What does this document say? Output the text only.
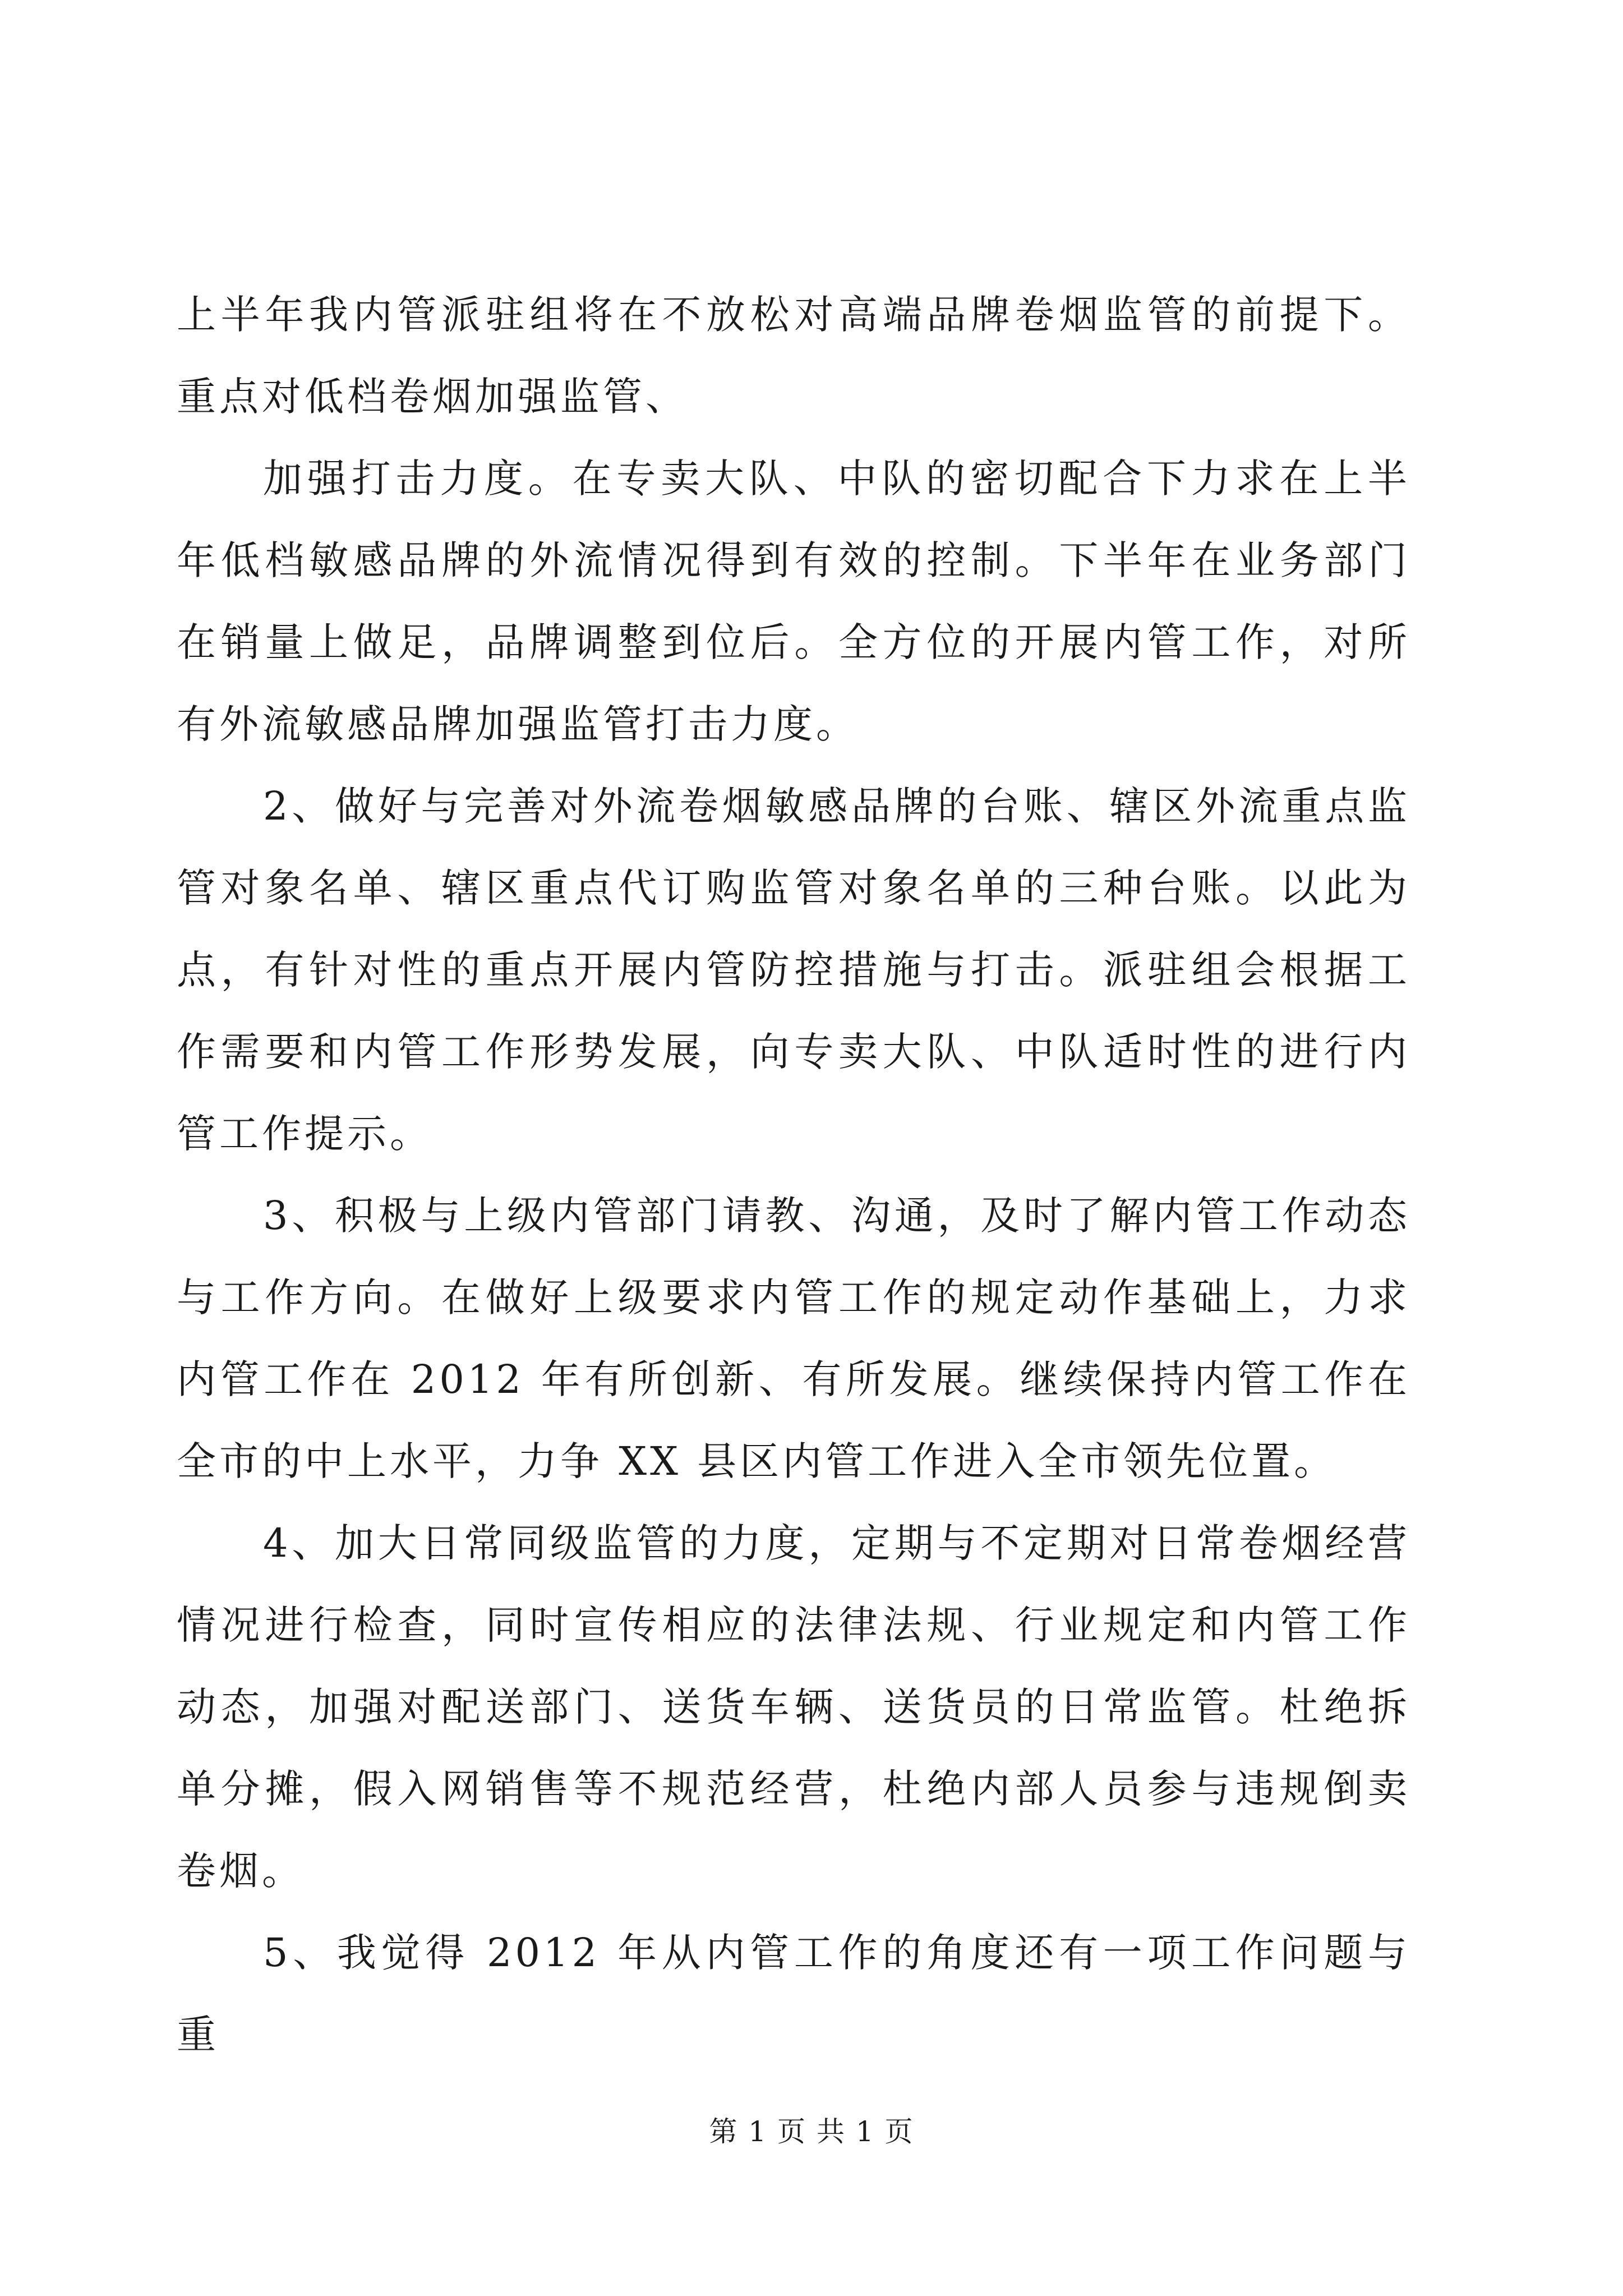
上半年我内管派驻组将在不放松对高端品牌卷烟监管的前提下。重点对低档卷烟加强监管、

加强打击力度。在专卖大队、中队的密切配合下力求在上半年低档敏感品牌的外流情况得到有效的控制。下半年在业务部门在销量上做足，品牌调整到位后。全方位的开展内管工作，对所有外流敏感品牌加强监管打击力度。

2、做好与完善对外流卷烟敏感品牌的台账、辖区外流重点监管对象名单、辖区重点代订购监管对象名单的三种台账。以此为点，有针对性的重点开展内管防控措施与打击。派驻组会根据工作需要和内管工作形势发展，向专卖大队、中队适时性的进行内管工作提示。

3、积极与上级内管部门请教、沟通，及时了解内管工作动态与工作方向。在做好上级要求内管工作的规定动作基础上，力求内管工作在 2012 年有所创新、有所发展。继续保持内管工作在全市的中上水平，力争 XX 县区内管工作进入全市领先位置。

4、加大日常同级监管的力度，定期与不定期对日常卷烟经营情况进行检查，同时宣传相应的法律法规、行业规定和内管工作动态，加强对配送部门、送货车辆、送货员的日常监管。杜绝拆单分摊，假入网销售等不规范经营，杜绝内部人员参与违规倒卖卷烟。

5、我觉得 2012 年从内管工作的角度还有一项工作问题与重

第 1 页 共 1 页
